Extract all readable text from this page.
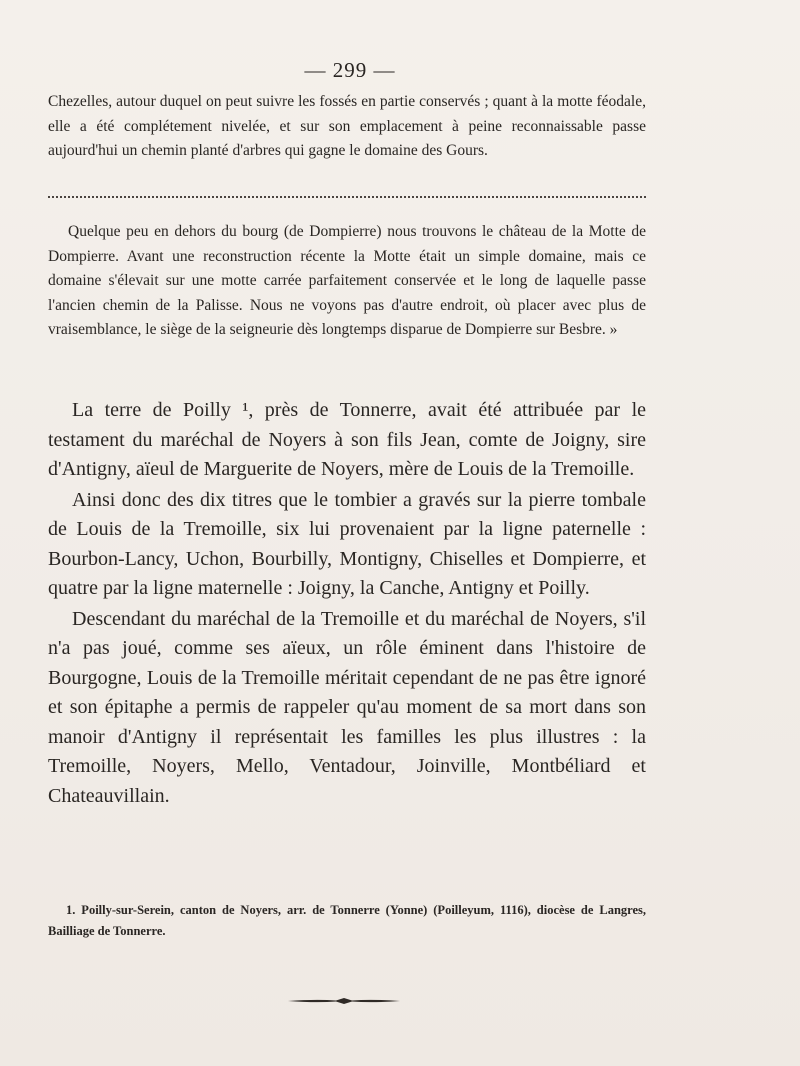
— 299 —

Chezelles, autour duquel on peut suivre les fossés en partie conservés ; quant à la motte féodale, elle a été complétement nivelée, et sur son emplacement à peine reconnaissable passe aujourd'hui un chemin planté d'arbres qui gagne le domaine des Gours.

Quelque peu en dehors du bourg (de Dompierre) nous trouvons le château de la Motte de Dompierre. Avant une reconstruction récente la Motte était un simple domaine, mais ce domaine s'élevait sur une motte carrée parfaitement conservée et le long de laquelle passe l'ancien chemin de la Palisse. Nous ne voyons pas d'autre endroit, où placer avec plus de vraisemblance, le siège de la seigneurie dès longtemps disparue de Dompierre sur Besbre. »

La terre de Poilly ¹, près de Tonnerre, avait été attribuée par le testament du maréchal de Noyers à son fils Jean, comte de Joigny, sire d'Antigny, aïeul de Marguerite de Noyers, mère de Louis de la Tremoille.

Ainsi donc des dix titres que le tombier a gravés sur la pierre tombale de Louis de la Tremoille, six lui provenaient par la ligne paternelle : Bourbon-Lancy, Uchon, Bourbilly, Montigny, Chiselles et Dompierre, et quatre par la ligne maternelle : Joigny, la Canche, Antigny et Poilly.

Descendant du maréchal de la Tremoille et du maréchal de Noyers, s'il n'a pas joué, comme ses aïeux, un rôle éminent dans l'histoire de Bourgogne, Louis de la Tremoille méritait cependant de ne pas être ignoré et son épitaphe a permis de rappeler qu'au moment de sa mort dans son manoir d'Antigny il représentait les familles les plus illustres : la Tremoille, Noyers, Mello, Ventadour, Joinville, Montbéliard et Chateauvillain.

1. Poilly-sur-Serein, canton de Noyers, arr. de Tonnerre (Yonne) (Poilleyum, 1116), diocèse de Langres, Bailliage de Tonnerre.
